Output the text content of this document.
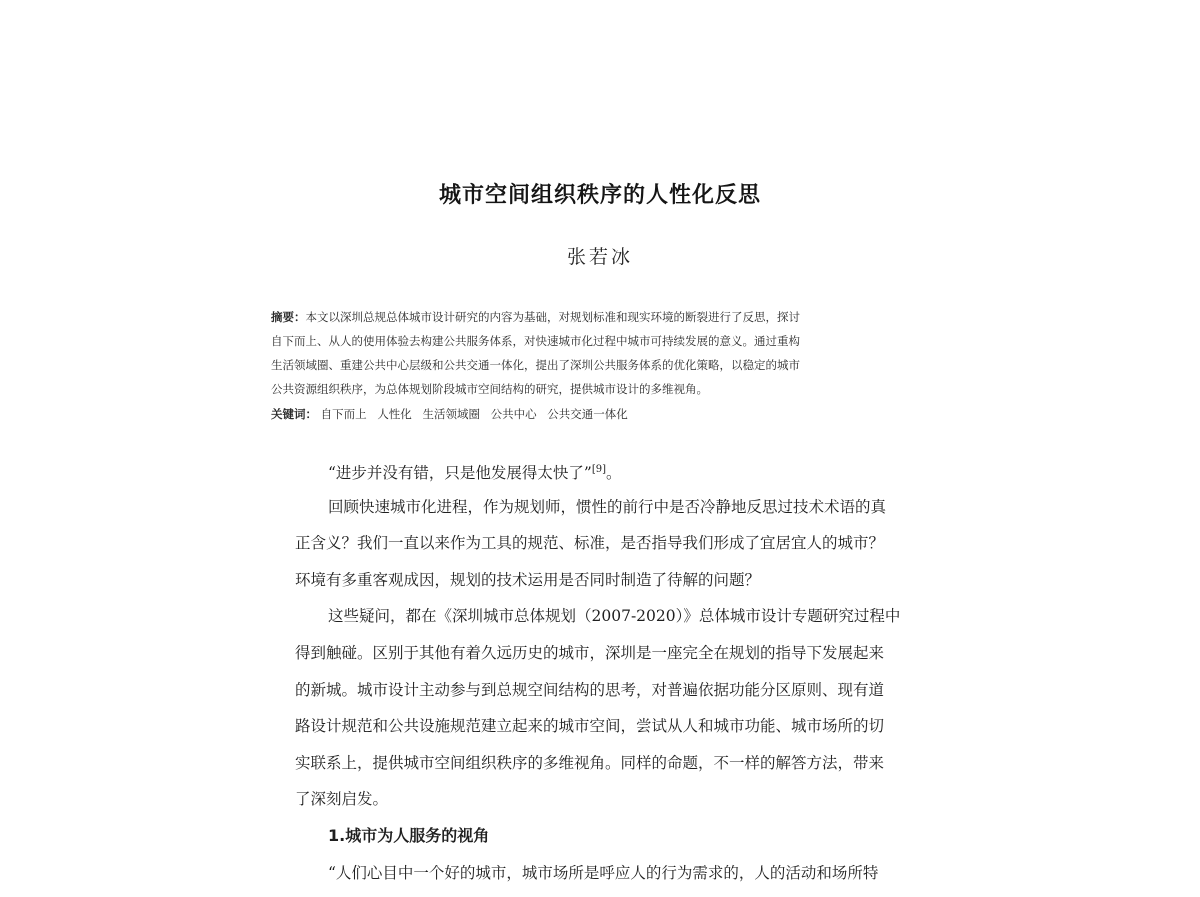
城市空间组织秩序的人性化反思
张若冰
摘要：本文以深圳总规总体城市设计研究的内容为基础，对规划标准和现实环境的断裂进行了反思，探讨
自下而上、从人的使用体验去构建公共服务体系，对快速城市化过程中城市可持续发展的意义。通过重构
生活领域圈、重建公共中心层级和公共交通一体化，提出了深圳公共服务体系的优化策略，以稳定的城市
公共资源组织秩序，为总体规划阶段城市空间结构的研究，提供城市设计的多维视角。
关键词： 自下而上 人性化 生活领域圈 公共中心 公共交通一体化
“进步并没有错，只是他发展得太快了”[9]。
回顾快速城市化进程，作为规划师，惯性的前行中是否冷静地反思过技术术语的真
正含义？我们一直以来作为工具的规范、标准，是否指导我们形成了宜居宜人的城市？
环境有多重客观成因，规划的技术运用是否同时制造了待解的问题？
这些疑问，都在《深圳城市总体规划（2007-2020）》总体城市设计专题研究过程中
得到触碰。区别于其他有着久远历史的城市，深圳是一座完全在规划的指导下发展起来
的新城。城市设计主动参与到总规空间结构的思考，对普遍依据功能分区原则、现有道
路设计规范和公共设施规范建立起来的城市空间，尝试从人和城市功能、城市场所的切
实联系上，提供城市空间组织秩序的多维视角。同样的命题，不一样的解答方法，带来
了深刻启发。
1.城市为人服务的视角
“人们心目中一个好的城市，城市场所是呼应人的行为需求的，人的活动和场所特
